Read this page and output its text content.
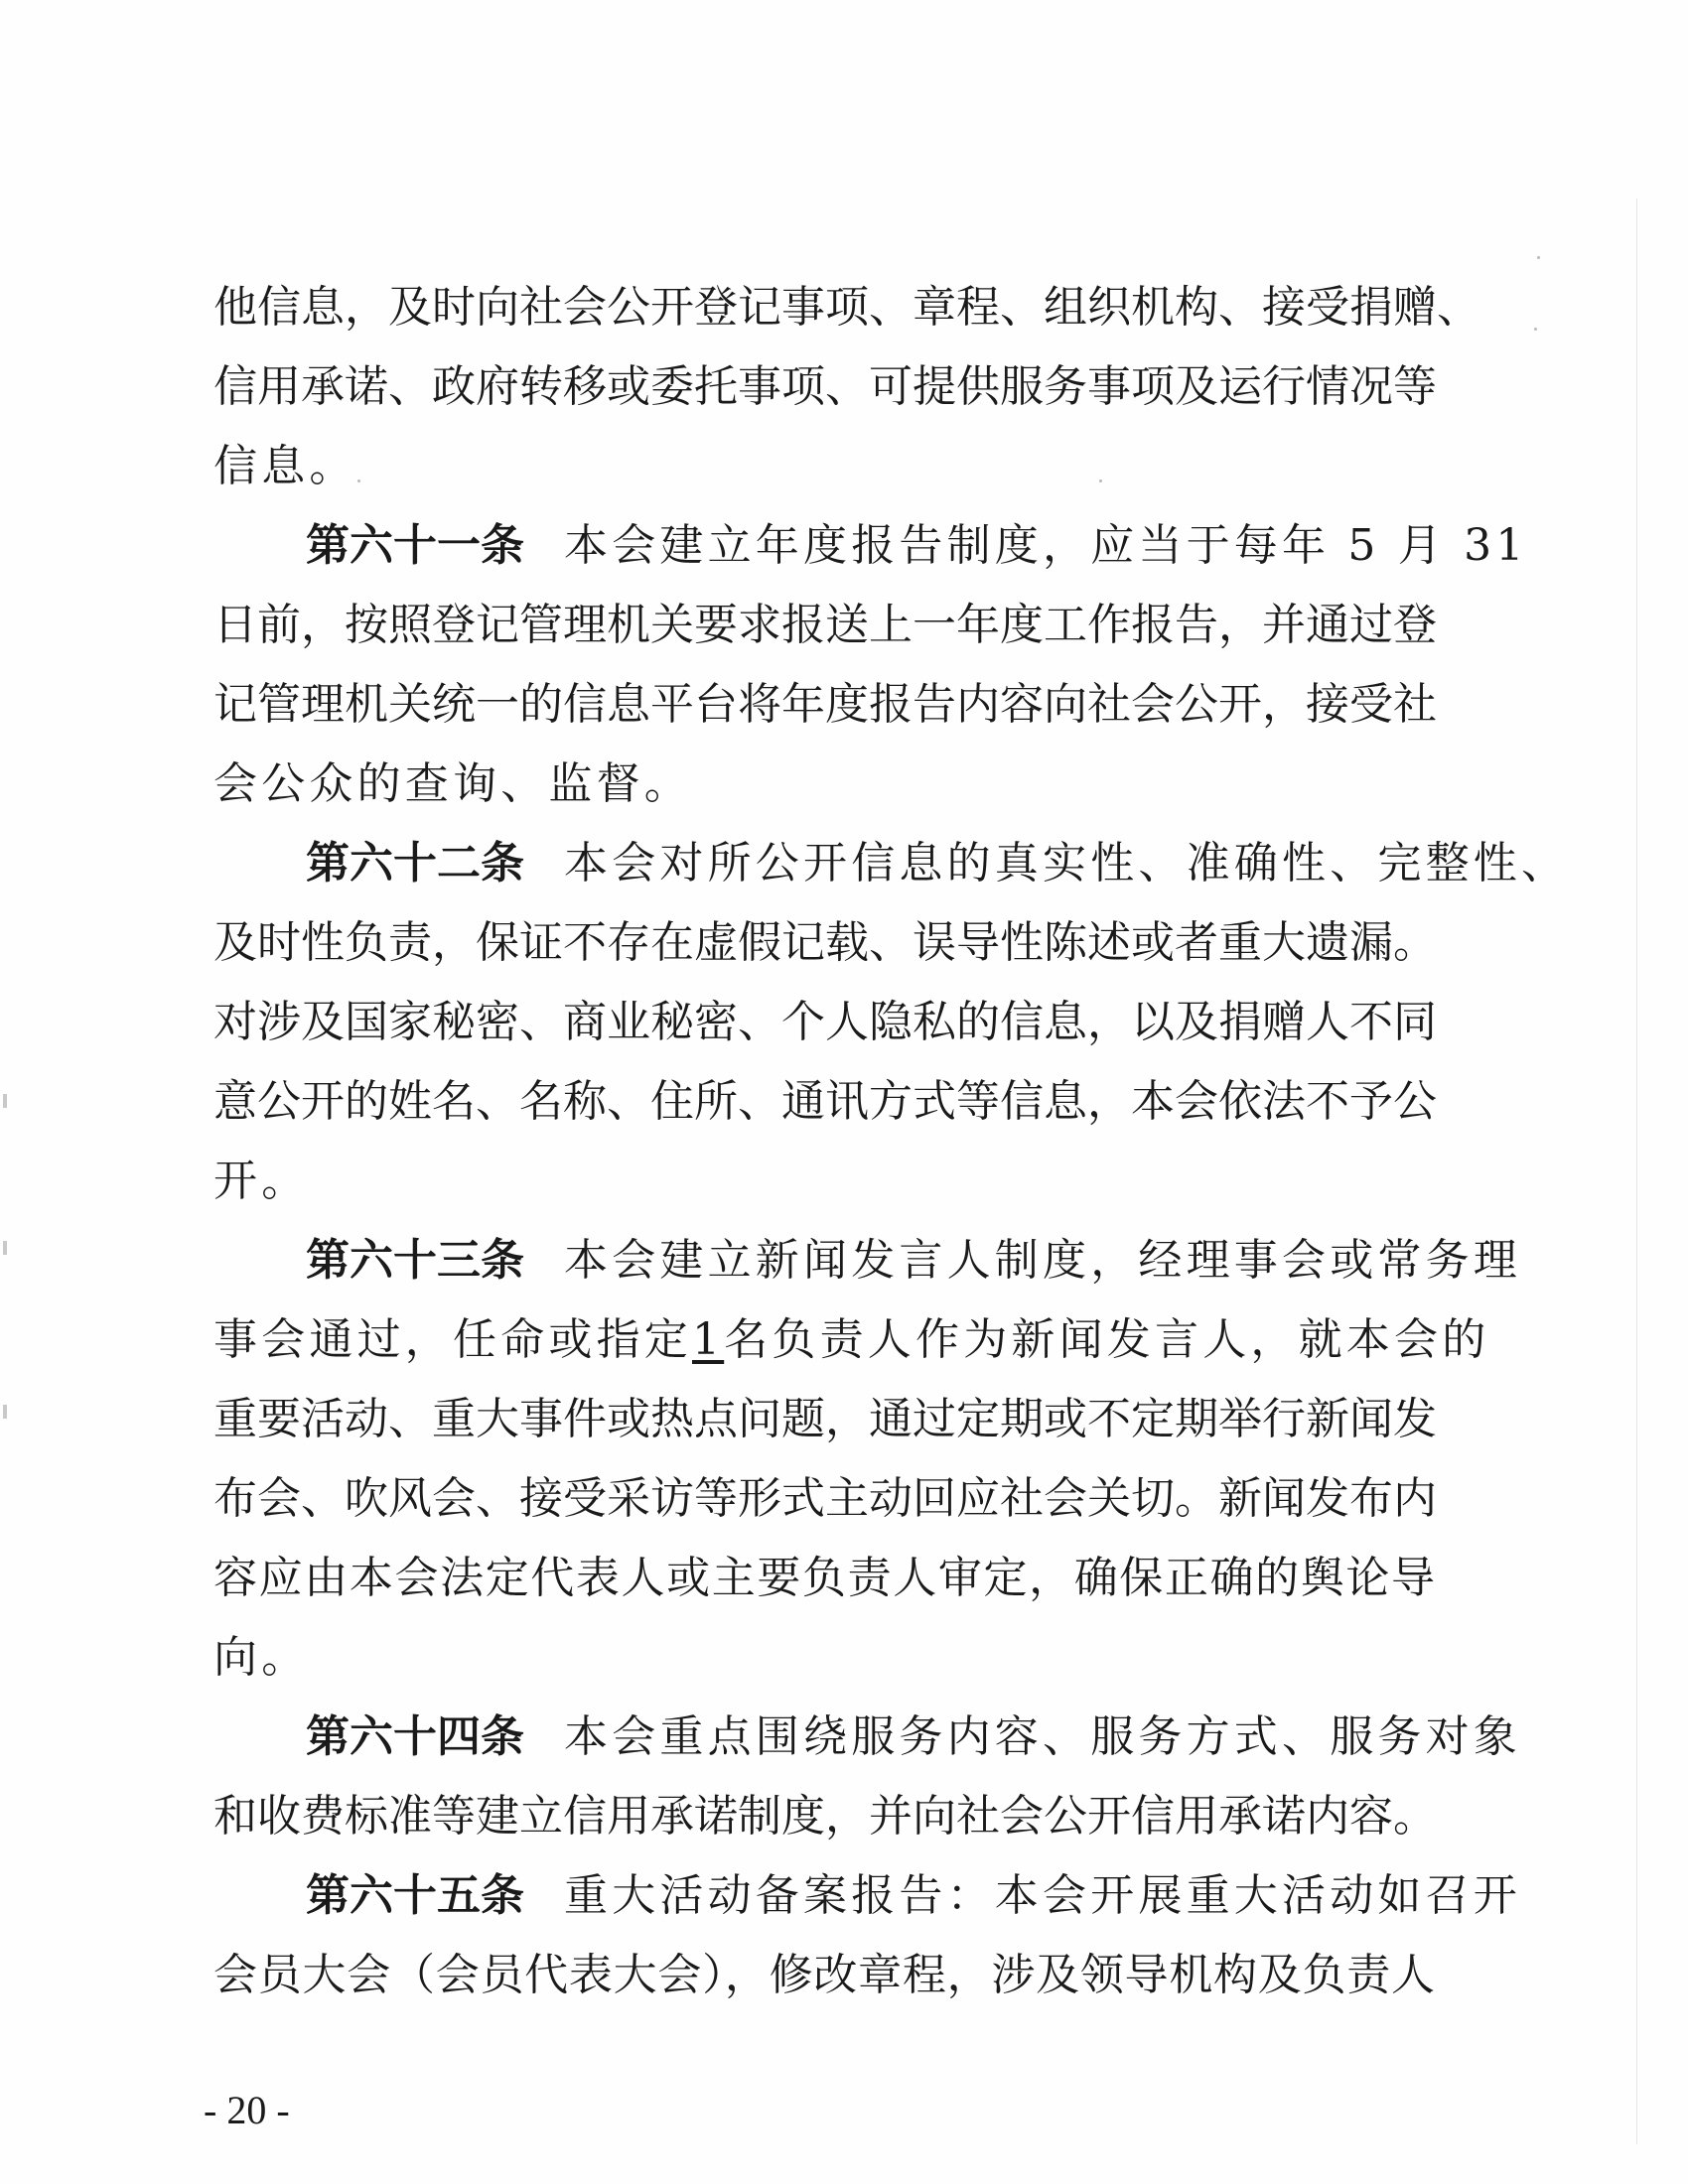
他信息，及时向社会公开登记事项、章程、组织机构、接受捐赠、
信用承诺、政府转移或委托事项、可提供服务事项及运行情况等
信息。
第六十一条 本会建立年度报告制度，应当于每年 5 月 31
日前，按照登记管理机关要求报送上一年度工作报告，并通过登
记管理机关统一的信息平台将年度报告内容向社会公开，接受社
会公众的查询、监督。
第六十二条 本会对所公开信息的真实性、准确性、完整性、
及时性负责，保证不存在虚假记载、误导性陈述或者重大遗漏。
对涉及国家秘密、商业秘密、个人隐私的信息，以及捐赠人不同
意公开的姓名、名称、住所、通讯方式等信息，本会依法不予公
开。
第六十三条 本会建立新闻发言人制度，经理事会或常务理
事会通过，任命或指定1名负责人作为新闻发言人，就本会的
重要活动、重大事件或热点问题，通过定期或不定期举行新闻发
布会、吹风会、接受采访等形式主动回应社会关切。新闻发布内
容应由本会法定代表人或主要负责人审定，确保正确的舆论导
向。
第六十四条 本会重点围绕服务内容、服务方式、服务对象
和收费标准等建立信用承诺制度，并向社会公开信用承诺内容。
第六十五条 重大活动备案报告：本会开展重大活动如召开
会员大会（会员代表大会），修改章程，涉及领导机构及负责人
- 20 -
